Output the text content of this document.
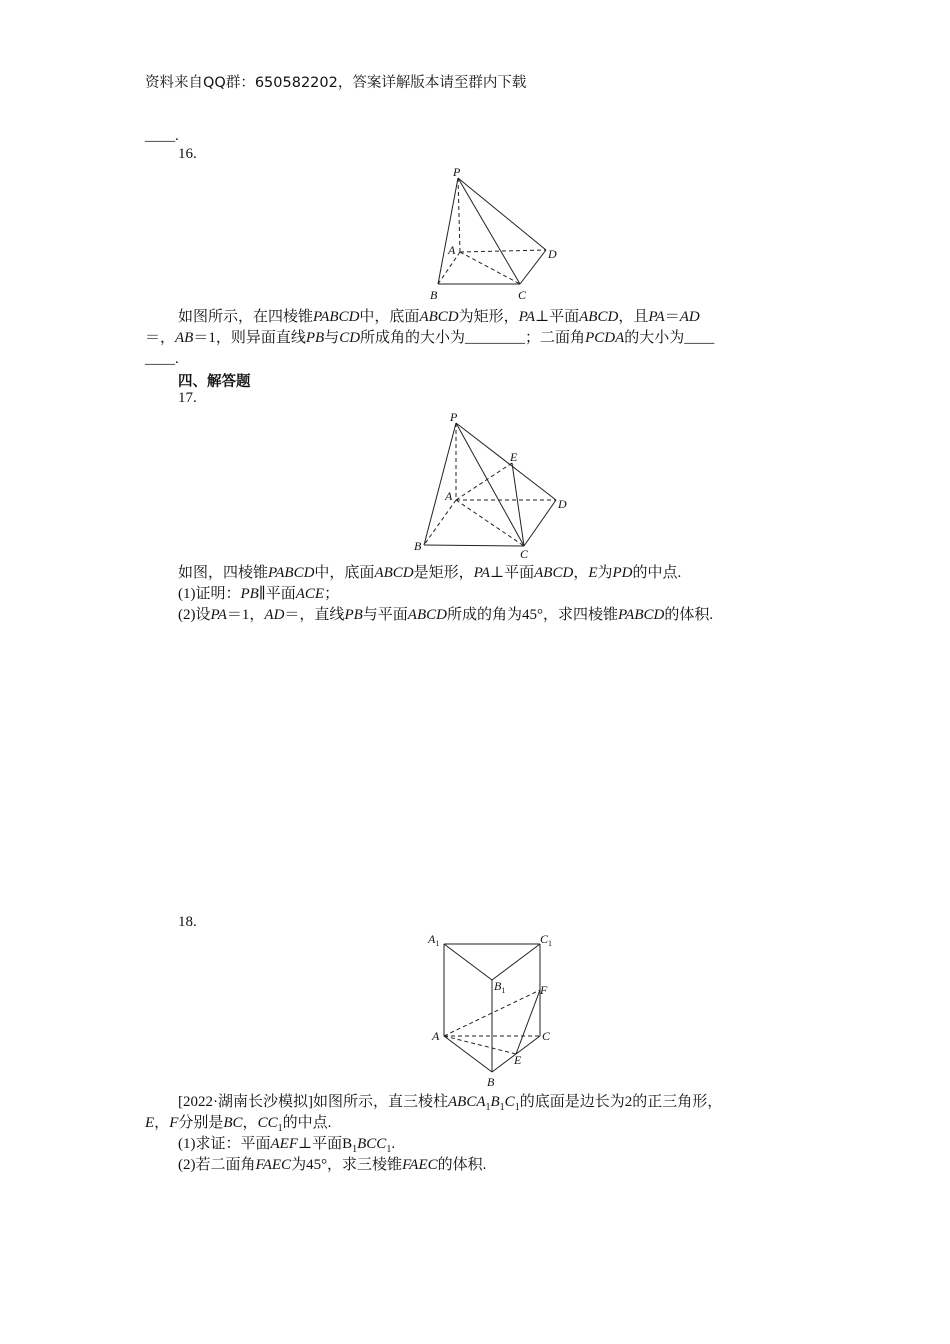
资料来自QQ群：650582202，答案详解版本请至群内下载
____.
16.
P
A
B	C
D
如图所示，在四棱锥PABCD中，底面ABCD为矩形，PA⊥平面ABCD，且PA＝AD
＝，AB＝1，则异面直线PB与CD所成角的大小为________；二面角PCDA的大小为____
____.
四、解答题
17.
P
E
A
D
B
C
如图，四棱锥PABCD中，底面ABCD是矩形，PA⊥平面ABCD，E为PD的中点.
(1)证明：PB∥平面ACE；
(2)设PA＝1，AD＝，直线PB与平面ABCD所成的角为45°，求四棱锥PABCD的体积.
18.
$A_1$	$C_1$
$B_1$	F
A	C
E
B
[2022·湖南长沙模拟]如图所示，直三棱柱$ABCA_1B_1C_1$的底面是边长为2的正三角形，
E，F分别是BC，$CC_1$的中点.
(1)求证：平面AEF⊥平面$B_1BCC_1$.
(2)若二面角FAEC为45°，求三棱锥FAEC的体积.
